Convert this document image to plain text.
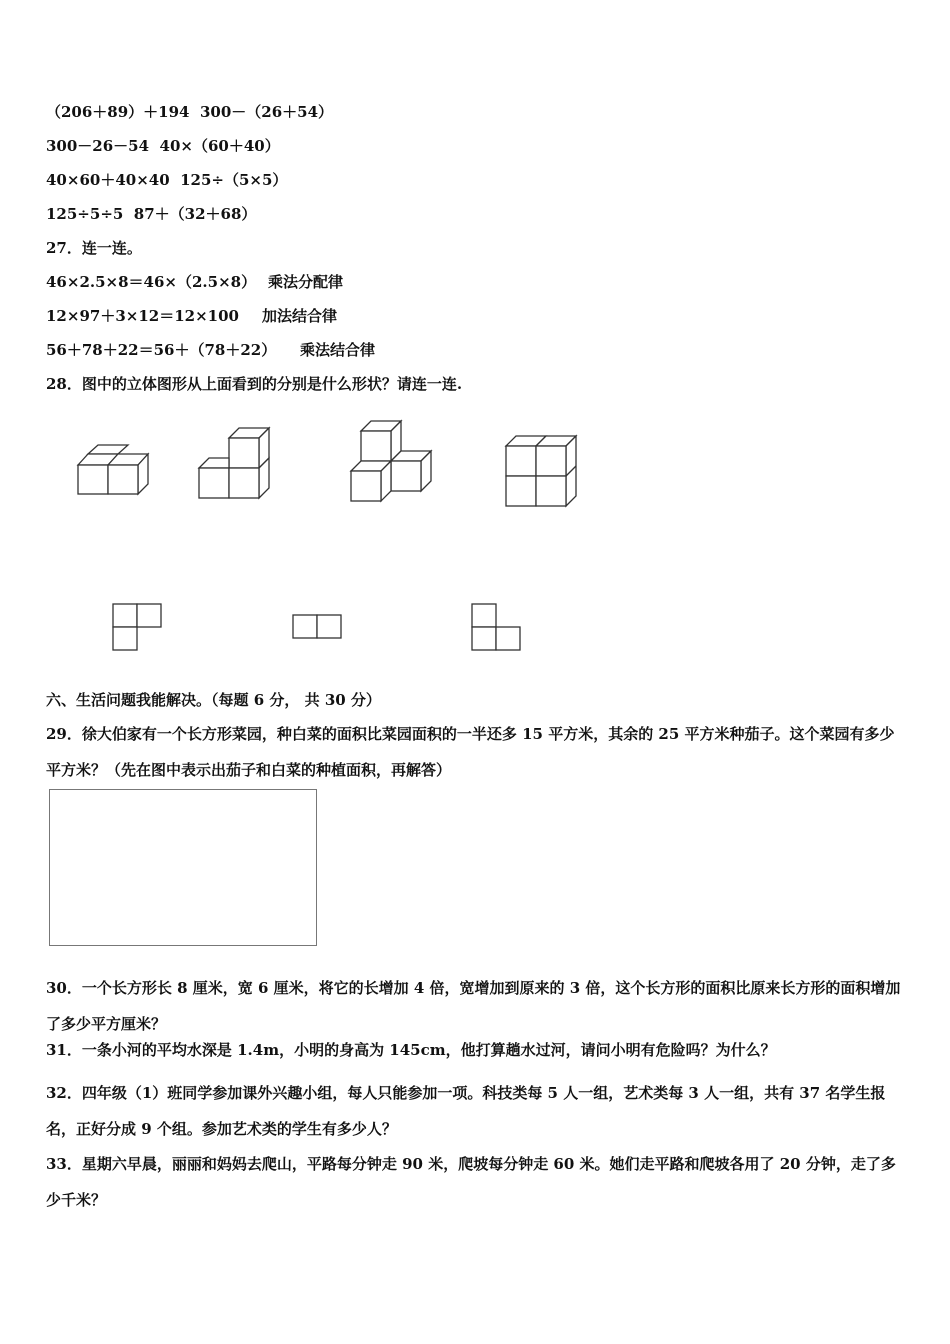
（206＋89）＋194 300－（26＋54）
300－26－54 40×（60＋40）
40×60＋40×40 125÷（5×5）
125÷5÷5 87＋（32＋68）
27．连一连。
46×2.5×8＝46×（2.5×8） 乘法分配律
12×97＋3×12＝12×100 加法结合律
56＋78＋22＝56＋（78＋22） 乘法结合律
28．图中的立体图形从上面看到的分别是什么形状？请连一连.
六、生活问题我能解决。（每题 6 分， 共 30 分）
29．徐大伯家有一个长方形菜园，种白菜的面积比菜园面积的一半还多 15 平方米，其余的 25 平方米种茄子。这个菜园有多少平方米？（先在图中表示出茄子和白菜的种植面积，再解答）
30．一个长方形长 8 厘米，宽 6 厘米，将它的长增加 4 倍，宽增加到原来的 3 倍，这个长方形的面积比原来长方形的面积增加了多少平方厘米？
31．一条小河的平均水深是 1.4m，小明的身高为 145cm，他打算趟水过河，请问小明有危险吗？为什么？
32．四年级（1）班同学参加课外兴趣小组，每人只能参加一项。科技类每 5 人一组，艺术类每 3 人一组，共有 37 名学生报名，正好分成 9 个组。参加艺术类的学生有多少人？
33．星期六早晨，丽丽和妈妈去爬山，平路每分钟走 90 米，爬坡每分钟走 60 米。她们走平路和爬坡各用了 20 分钟，走了多少千米？
